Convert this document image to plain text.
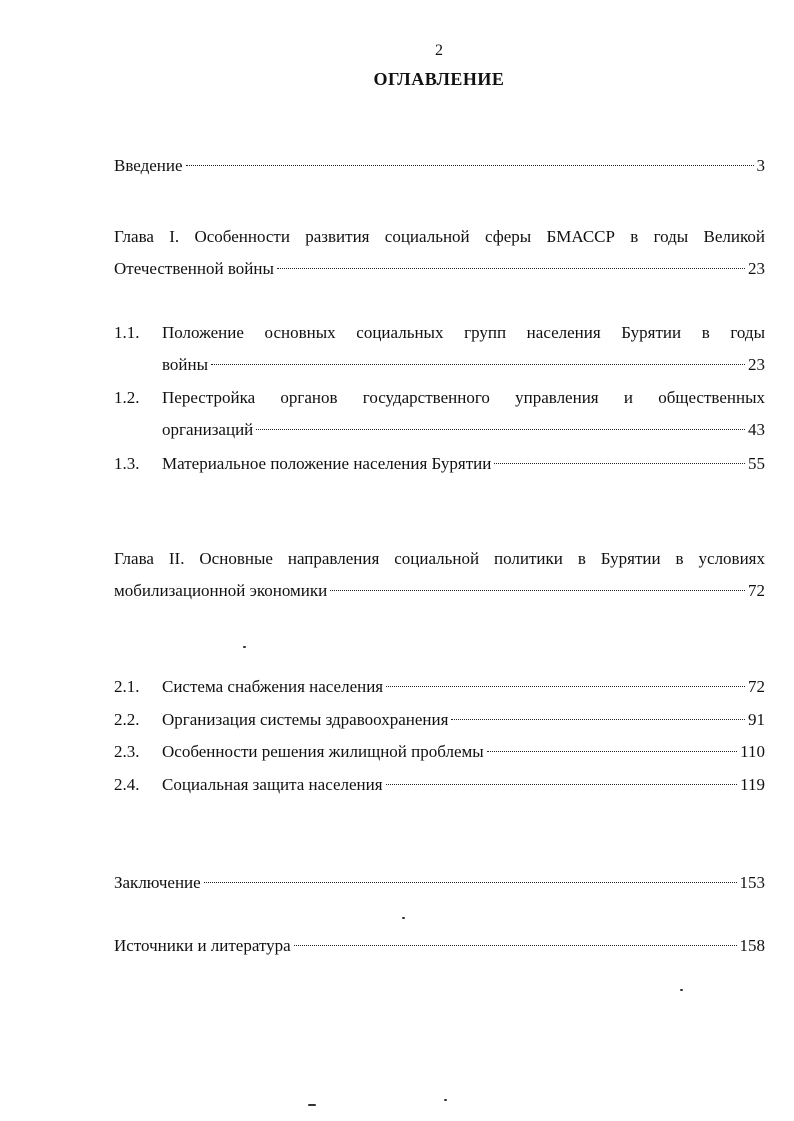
2
ОГЛАВЛЕНИЕ
Введение	3
Глава I. Особенности развития социальной сферы БМАССР в годы Великой
Отечественной войны	23
1.1. Положение основных социальных групп населения Бурятии в годы
войны	23
1.2. Перестройка органов государственного управления и общественных
организаций	43
1.3. Материальное положение населения Бурятии	55
Глава II. Основные направления социальной политики в Бурятии в условиях
мобилизационной экономики	72
2.1. Система снабжения населения	72
2.2. Организация системы здравоохранения	91
2.3. Особенности решения жилищной проблемы	110
2.4. Социальная защита населения	119
Заключение	153
Источники и литература	158
